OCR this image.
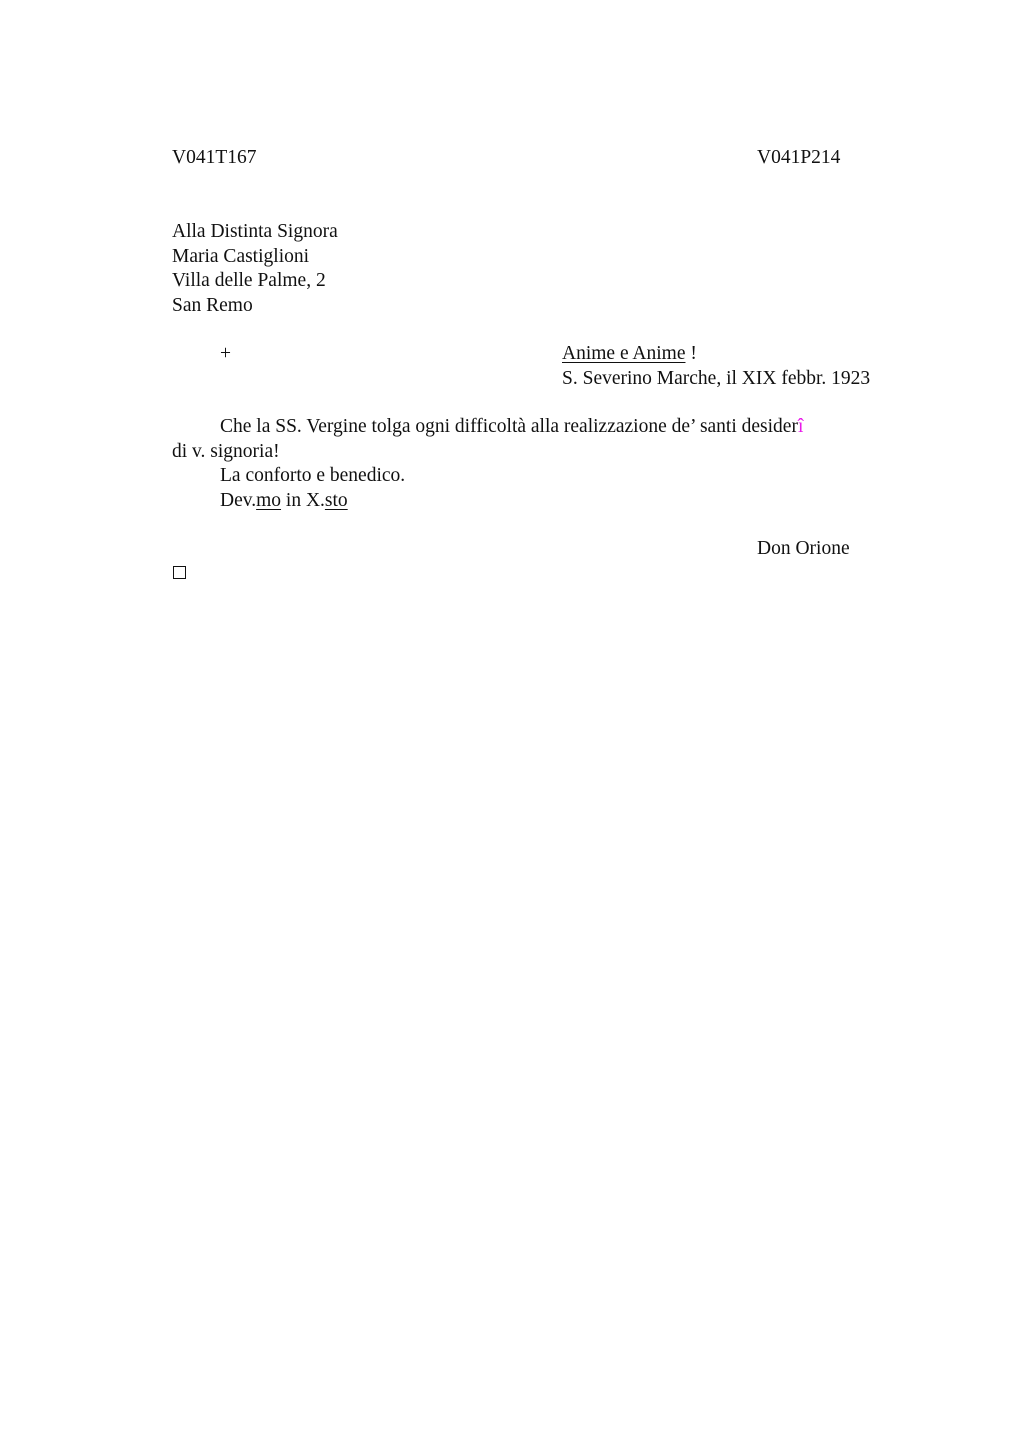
V041T167	V041P214
Alla Distinta Signora
Maria Castiglioni
Villa delle Palme, 2
San Remo
+	Anime e Anime !
S. Severino Marche, il XIX febbr. 1923
Che la SS. Vergine tolga ogni difficoltà alla realizzazione de’ santi desiderî
di v. signoria!
La conforto e benedico.
Dev.mo in X.sto
Don Orione
